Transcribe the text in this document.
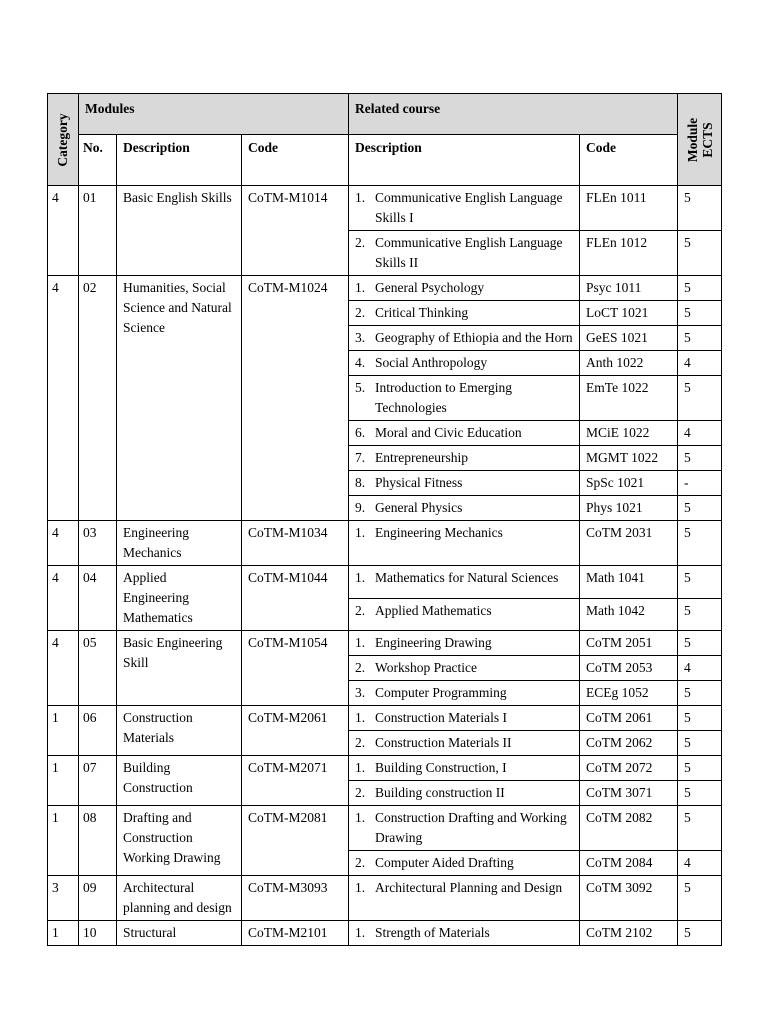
Category	Modules			Related course		Module
ECTS

	No.	Description	Code	Description	Code	
4	01	Basic English Skills	CoTM-M1014	1. Communicative English Language Skills I	FLEn 1011	5

				2. Communicative English Language Skills II	FLEn 1012	5
4	02	Humanities, Social Science and Natural Science	CoTM-M1024	1. General Psychology	Psyc 1011	5

				2. Critical Thinking	LoCT 1021	5

				3. Geography of Ethiopia and the Horn	GeES 1021	5

				4. Social Anthropology	Anth 1022	4

				5. Introduction to Emerging Technologies	EmTe 1022	5

				6. Moral and Civic Education	MCiE 1022	4

				7. Entrepreneurship	MGMT 1022	5

				8. Physical Fitness	SpSc 1021	-

				9. General Physics	Phys 1021	5
4	03	Engineering Mechanics	CoTM-M1034	1. Engineering Mechanics	CoTM 2031	5
4	04	Applied Engineering Mathematics	CoTM-M1044	1. Mathematics for Natural Sciences	Math 1041	5

				2. Applied Mathematics	Math 1042	5
4	05	Basic Engineering Skill	CoTM-M1054	1. Engineering Drawing	CoTM 2051	5

				2. Workshop Practice	CoTM 2053	4

				3. Computer Programming	ECEg 1052	5
1	06	Construction Materials	CoTM-M2061	1. Construction Materials I	CoTM 2061	5

				2. Construction Materials II	CoTM 2062	5
1	07	Building Construction	CoTM-M2071	1. Building Construction, I	CoTM 2072	5

				2. Building construction II	CoTM 3071	5
1	08	Drafting and Construction Working Drawing	CoTM-M2081	1. Construction Drafting and Working Drawing	CoTM 2082	5

				2. Computer Aided Drafting	CoTM 2084	4
3	09	Architectural planning and design	CoTM-M3093	1. Architectural Planning and Design	CoTM 3092	5
1	10	Structural	CoTM-M2101	1. Strength of Materials	CoTM 2102	5
